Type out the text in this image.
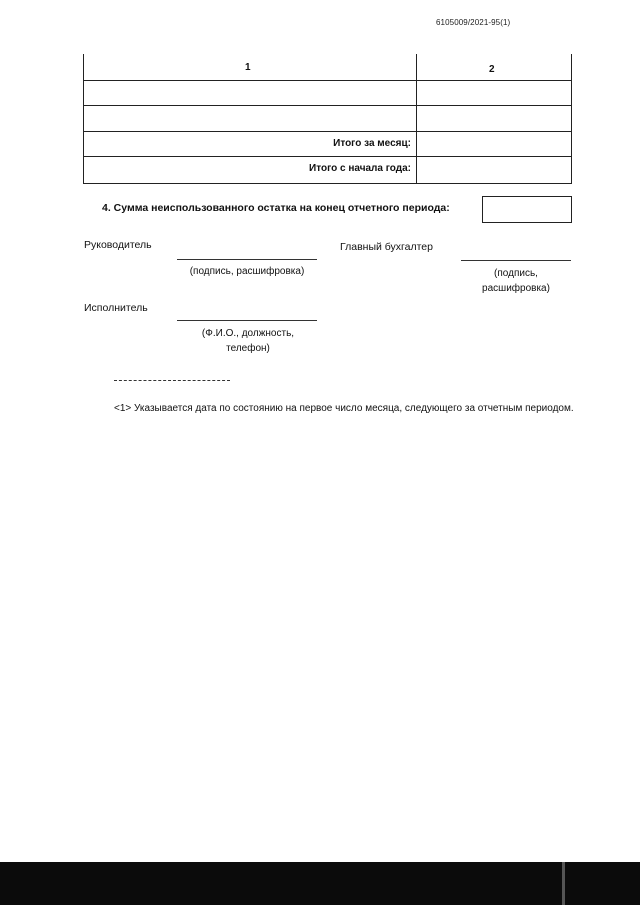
6105009/2021-95(1)
1	2
Итого за месяц:
Итого с начала года:
4. Сумма неиспользованного остатка на конец отчетного периода:
Руководитель
(подпись, расшифровка)
Главный бухгалтер
(подпись,
расшифровка)
Исполнитель
(Ф.И.О., должность,
телефон)
<1> Указывается дата по состоянию на первое число месяца, следующего за отчетным периодом.
